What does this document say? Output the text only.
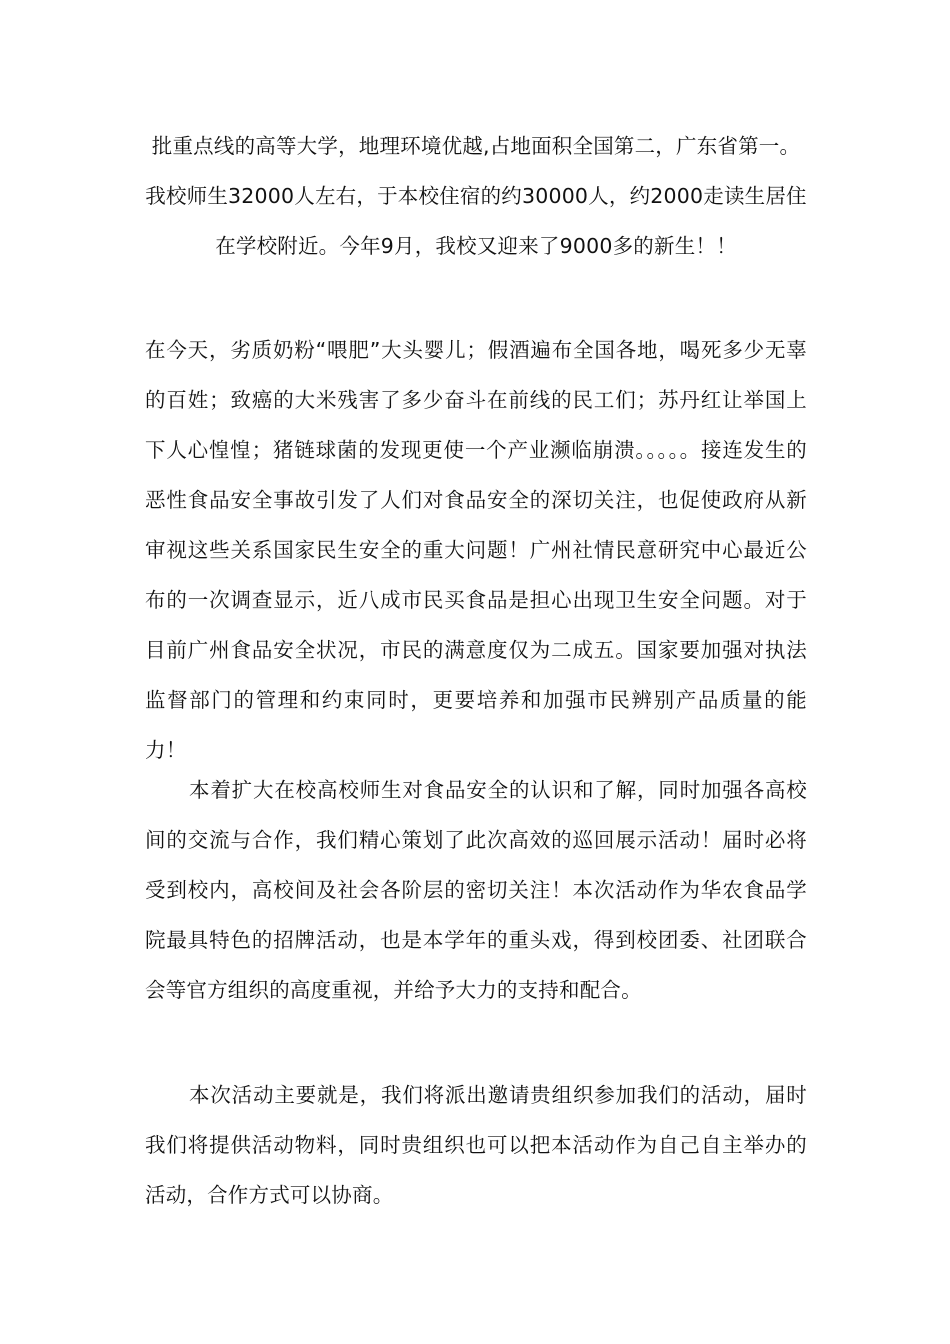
批重点线的高等大学，地理环境优越,占地面积全国第二，广东省第一。我校师生32000人左右，于本校住宿的约30000人，约2000走读生居住在学校附近。今年9月，我校又迎来了9000多的新生！！

在今天，劣质奶粉“喂肥”大头婴儿；假酒遍布全国各地，喝死多少无辜的百姓；致癌的大米残害了多少奋斗在前线的民工们；苏丹红让举国上下人心惶惶；猪链球菌的发现更使一个产业濒临崩溃。。。。。接连发生的恶性食品安全事故引发了人们对食品安全的深切关注，也促使政府从新审视这些关系国家民生安全的重大问题！广州社情民意研究中心最近公布的一次调查显示，近八成市民买食品是担心出现卫生安全问题。对于目前广州食品安全状况，市民的满意度仅为二成五。国家要加强对执法监督部门的管理和约束同时，更要培养和加强市民辨别产品质量的能力！

本着扩大在校高校师生对食品安全的认识和了解，同时加强各高校间的交流与合作，我们精心策划了此次高效的巡回展示活动！届时必将受到校内，高校间及社会各阶层的密切关注！本次活动作为华农食品学院最具特色的招牌活动，也是本学年的重头戏，得到校团委、社团联合会等官方组织的高度重视，并给予大力的支持和配合。

本次活动主要就是，我们将派出邀请贵组织参加我们的活动，届时我们将提供活动物料，同时贵组织也可以把本活动作为自己自主举办的活动，合作方式可以协商。
